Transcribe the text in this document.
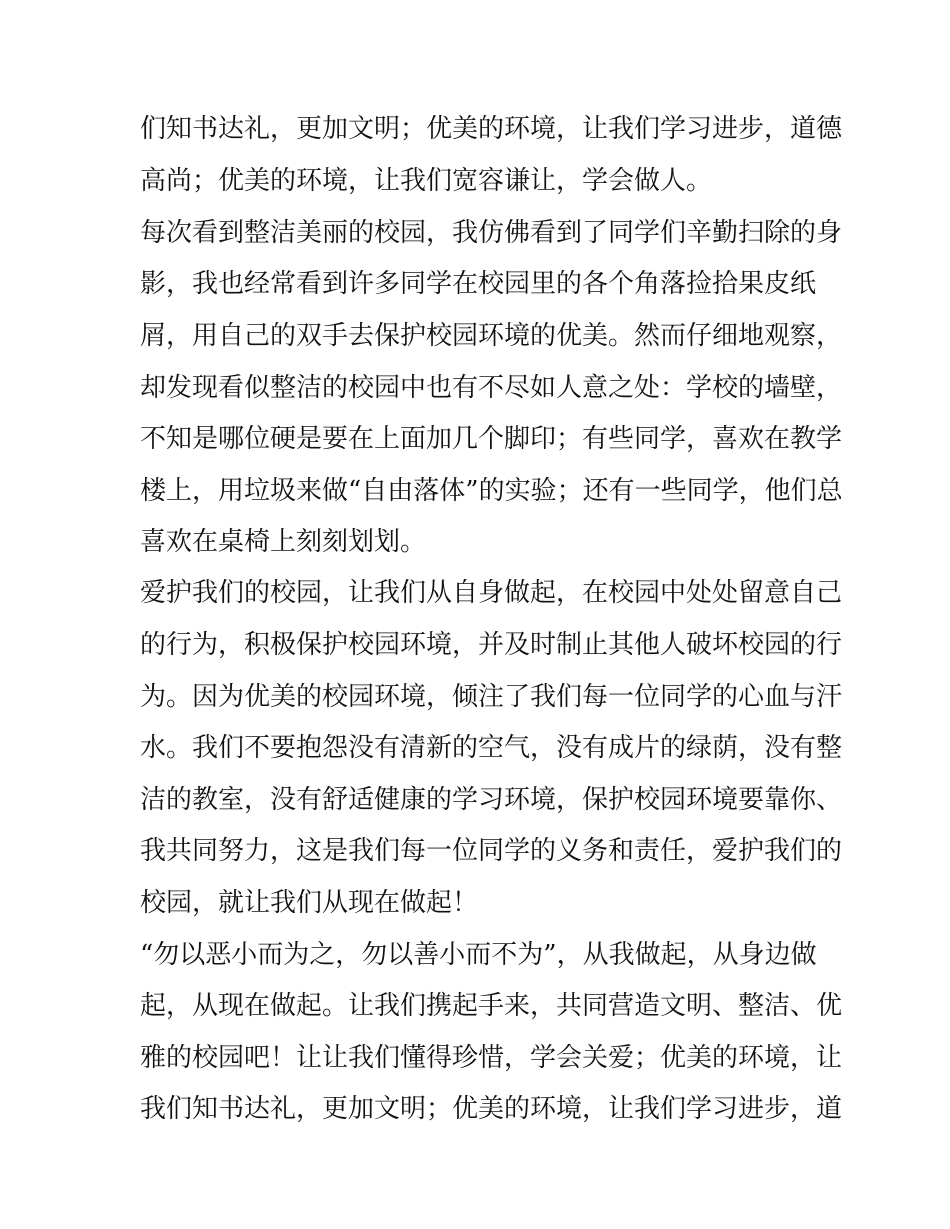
们知书达礼，更加文明；优美的环境，让我们学习进步，道德

高尚；优美的环境，让我们宽容谦让，学会做人。

每次看到整洁美丽的校园，我仿佛看到了同学们辛勤扫除的身

影，我也经常看到许多同学在校园里的各个角落捡拾果皮纸

屑，用自己的双手去保护校园环境的优美。然而仔细地观察，

却发现看似整洁的校园中也有不尽如人意之处：学校的墙壁，

不知是哪位硬是要在上面加几个脚印；有些同学，喜欢在教学

楼上，用垃圾来做“自由落体”的实验；还有一些同学，他们总

喜欢在桌椅上刻刻划划。

爱护我们的校园，让我们从自身做起，在校园中处处留意自己

的行为，积极保护校园环境，并及时制止其他人破坏校园的行

为。因为优美的校园环境，倾注了我们每一位同学的心血与汗

水。我们不要抱怨没有清新的空气，没有成片的绿荫，没有整

洁的教室，没有舒适健康的学习环境，保护校园环境要靠你、

我共同努力，这是我们每一位同学的义务和责任，爱护我们的

校园，就让我们从现在做起！

“勿以恶小而为之，勿以善小而不为”，从我做起，从身边做

起，从现在做起。让我们携起手来，共同营造文明、整洁、优

雅的校园吧！让让我们懂得珍惜，学会关爱；优美的环境，让

我们知书达礼，更加文明；优美的环境，让我们学习进步，道
